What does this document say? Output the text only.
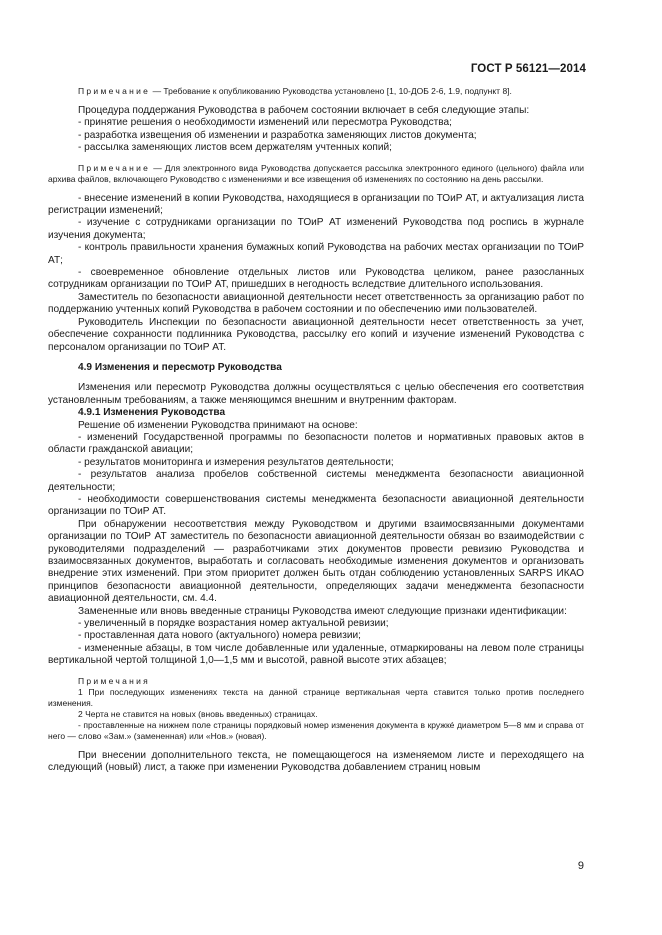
ГОСТ Р 56121—2014

Примечание — Требование к опубликованию Руководства установлено [1, 10-ДОБ 2-6, 1.9, подпункт 8].

Процедура поддержания Руководства в рабочем состоянии включает в себя следующие этапы:

- принятие решения о необходимости изменений или пересмотра Руководства;

- разработка извещения об изменении и разработка заменяющих листов документа;

- рассылка заменяющих листов всем держателям учтенных копий;

Примечание — Для электронного вида Руководства допускается рассылка электронного единого (цельного) файла или архива файлов, включающего Руководство с изменениями и все извещения об изменениях по состоянию на день рассылки.

- внесение изменений в копии Руководства, находящиеся в организации по ТОиР АТ, и актуализация листа регистрации изменений;

- изучение с сотрудниками организации по ТОиР АТ изменений Руководства под роспись в журнале изучения документа;

- контроль правильности хранения бумажных копий Руководства на рабочих местах организации по ТОиР АТ;

- своевременное обновление отдельных листов или Руководства целиком, ранее разосланных сотрудникам организации по ТОиР АТ, пришедших в негодность вследствие длительного использования.

Заместитель по безопасности авиационной деятельности несет ответственность за организацию работ по поддержанию учтенных копий Руководства в рабочем состоянии и по обеспечению ими пользователей.

Руководитель Инспекции по безопасности авиационной деятельности несет ответственность за учет, обеспечение сохранности подлинника Руководства, рассылку его копий и изучение изменений Руководства с персоналом организации по ТОиР АТ.

4.9 Изменения и пересмотр Руководства

Изменения или пересмотр Руководства должны осуществляться с целью обеспечения его соответствия установленным требованиям, а также меняющимся внешним и внутренним факторам.

4.9.1 Изменения Руководства

Решение об изменении Руководства принимают на основе:

- изменений Государственной программы по безопасности полетов и нормативных правовых актов в области гражданской авиации;

- результатов мониторинга и измерения результатов деятельности;

- результатов анализа пробелов собственной системы менеджмента безопасности авиационной деятельности;

- необходимости совершенствования системы менеджмента безопасности авиационной деятельности организации по ТОиР АТ.

При обнаружении несоответствия между Руководством и другими взаимосвязанными документами организации по ТОиР АТ заместитель по безопасности авиационной деятельности обязан во взаимодействии с руководителями подразделений — разработчиками этих документов провести ревизию Руководства и взаимосвязанных документов, выработать и согласовать необходимые изменения документов и организовать внедрение этих изменений. При этом приоритет должен быть отдан соблюдению установленных SARPS ИКАО принципов безопасности авиационной деятельности, определяющих задачи менеджмента безопасности авиационной деятельности, см. 4.4.

Замененные или вновь введенные страницы Руководства имеют следующие признаки идентификации:

- увеличенный в порядке возрастания номер актуальной ревизии;

- проставленная дата нового (актуального) номера ревизии;

- измененные абзацы, в том числе добавленные или удаленные, отмаркированы на левом поле страницы вертикальной чертой толщиной 1,0—1,5 мм и высотой, равной высоте этих абзацев;

Примечания

1 При последующих изменениях текста на данной странице вертикальная черта ставится только против последнего изменения.

2 Черта не ставится на новых (вновь введенных) страницах.

- проставленные на нижнем поле страницы порядковый номер изменения документа в кружкé диаметром 5—8 мм и справа от него — слово «Зам.» (замененная) или «Нов.» (новая).

При внесении дополнительного текста, не помещающегося на изменяемом листе и переходящего на следующий (новый) лист, а также при изменении Руководства добавлением страниц новым

9
